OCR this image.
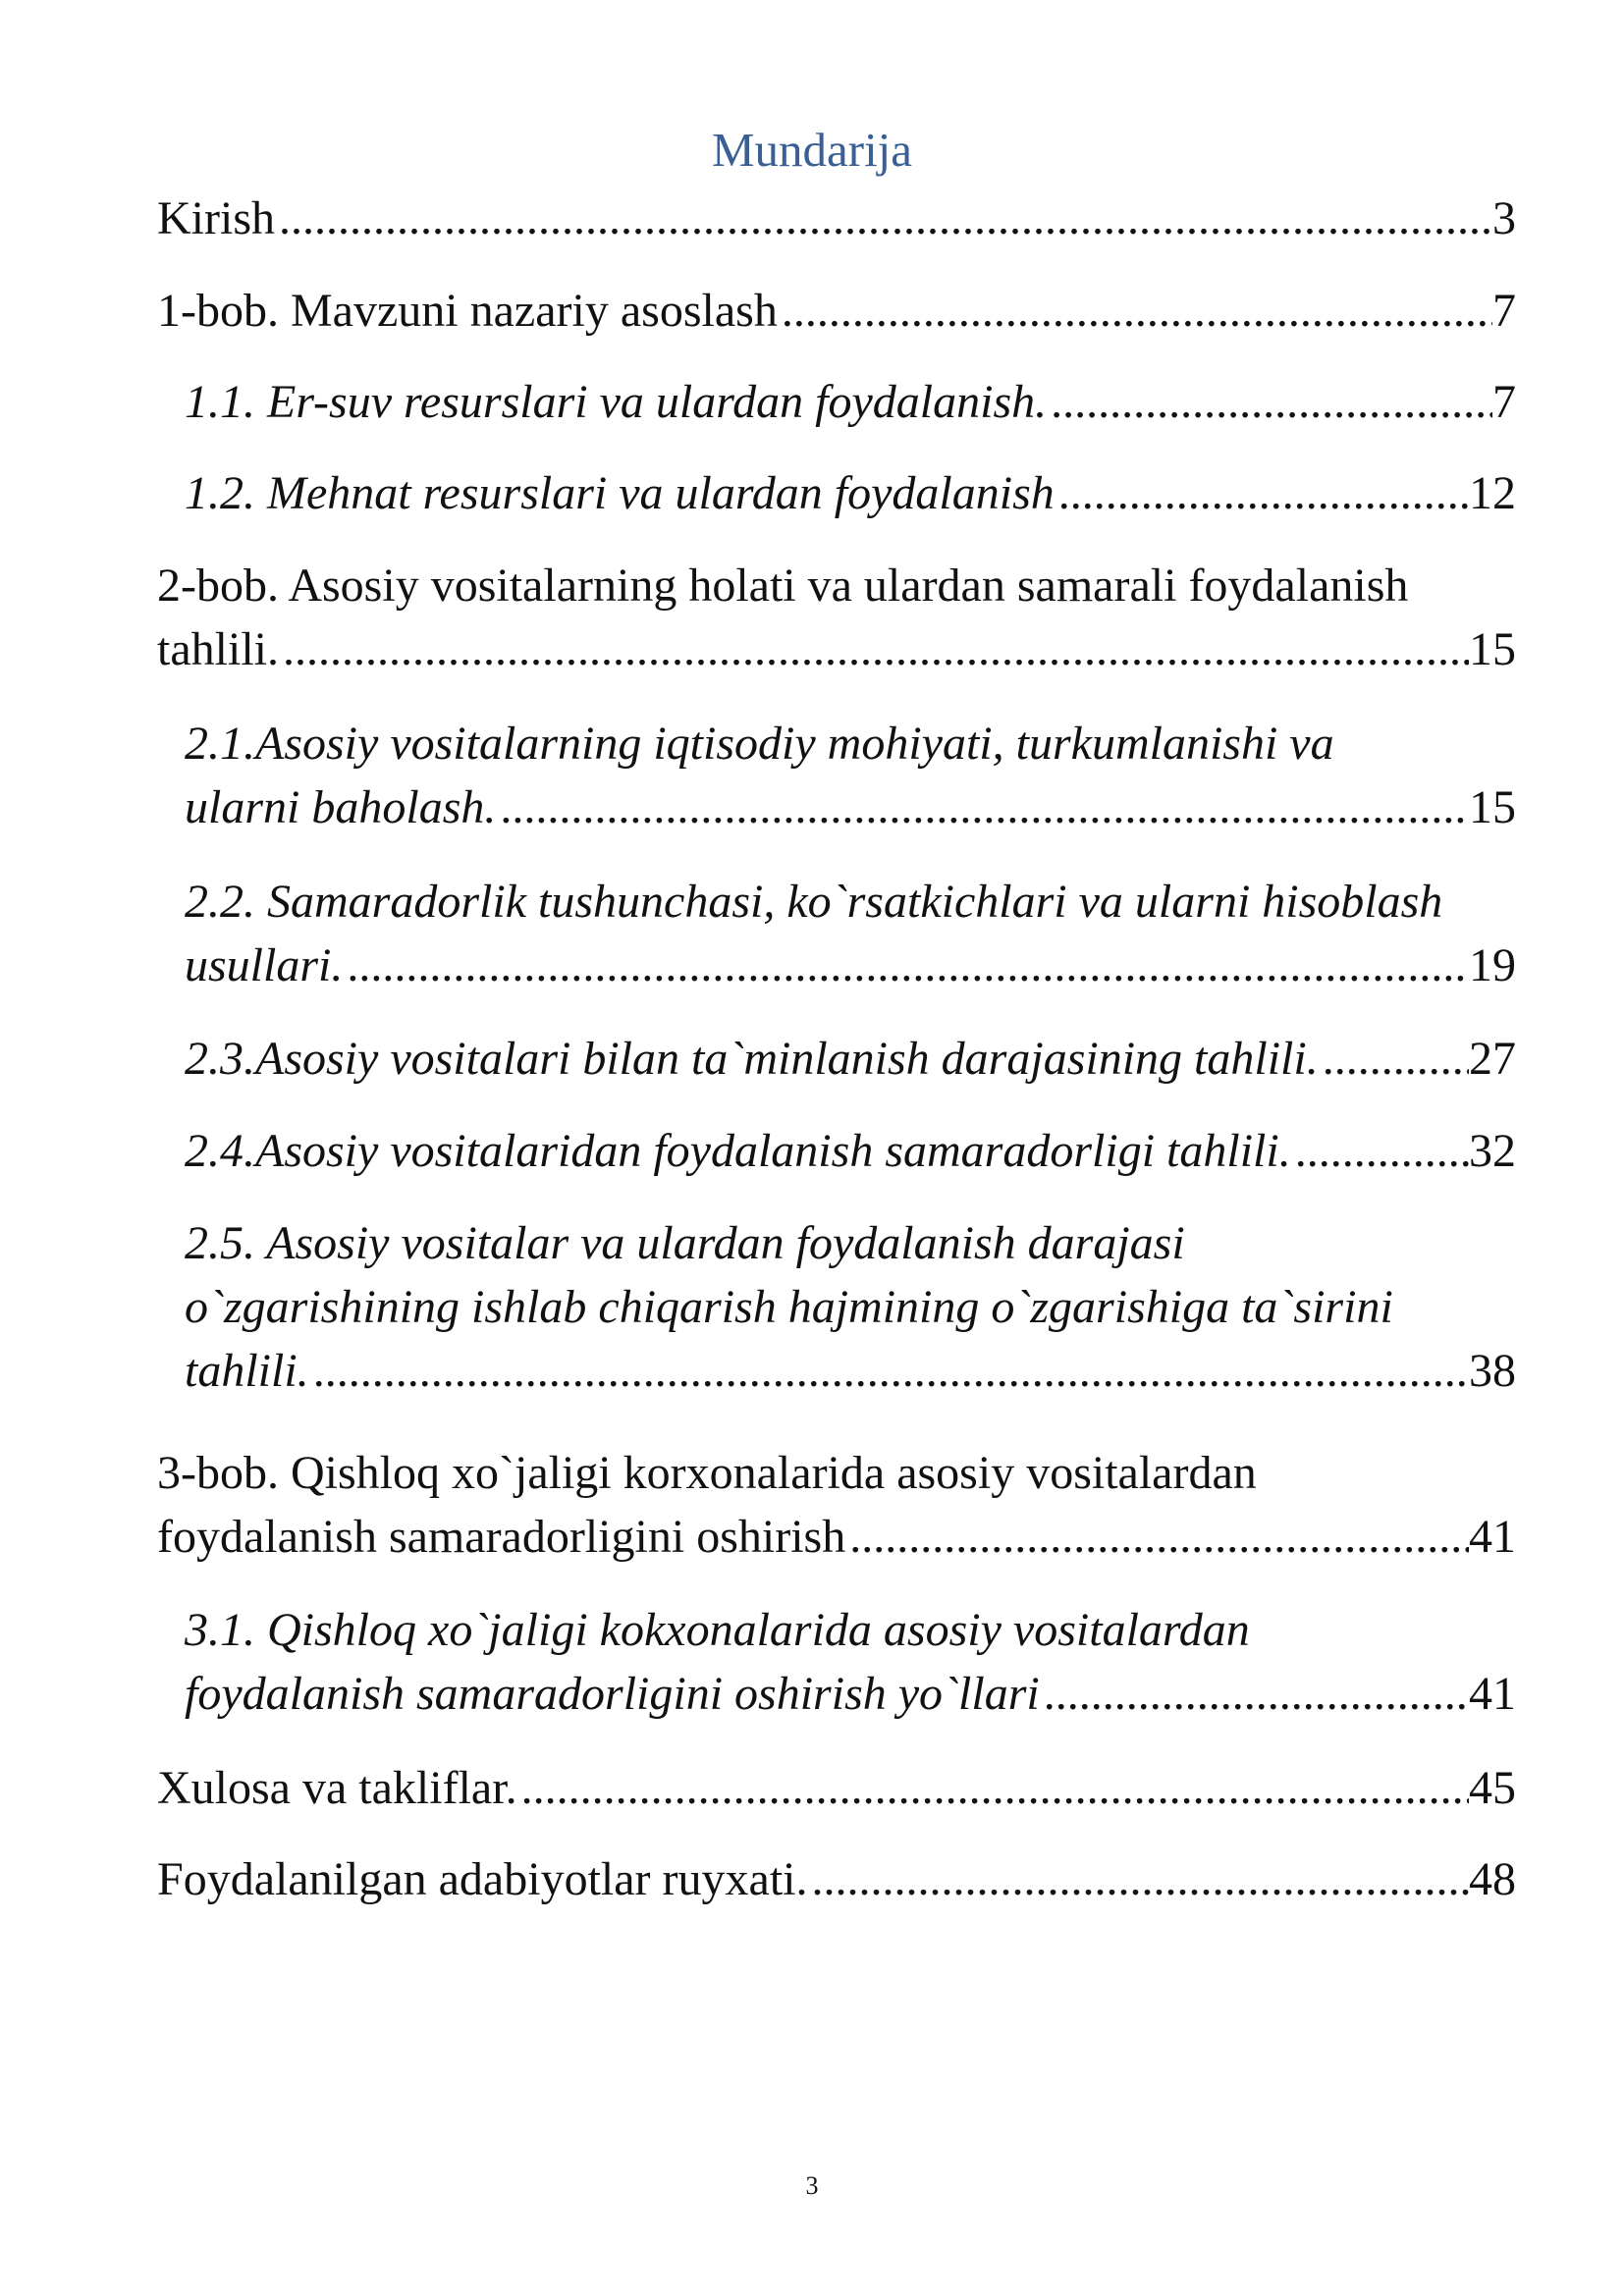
Mundarija
Kirish .....	3
1-bob. Mavzuni nazariy asoslash .....	7
1.1. Er-suv resurslari va ulardan foydalanish. .....	7
1.2. Mehnat resurslari va ulardan foydalanish .....	12
2-bob. Asosiy vositalarning holati va ulardan samarali foydalanish
tahlili. .....	15
2.1.Asosiy vositalarning iqtisodiy mohiyati, turkumlanishi va
ularni baholash. .....	15
2.2. Samaradorlik tushunchasi, ko`rsatkichlari va ularni hisoblash
usullari. .....	19
2.3.Asosiy vositalari bilan ta`minlanish darajasining tahlili. .....	27
2.4.Asosiy vositalaridan foydalanish samaradorligi tahlili. .....	32
2.5. Asosiy vositalar va ulardan foydalanish darajasi
o`zgarishining ishlab chiqarish hajmining o`zgarishiga ta`sirini
tahlili. .....	38
3-bob. Qishloq xo`jaligi korxonalarida asosiy vositalardan
foydalanish samaradorligini oshirish .....	41
3.1. Qishloq xo`jaligi kokxonalarida asosiy vositalardan
foydalanish samaradorligini oshirish yo`llari .....	41
Xulosa va takliflar. .....	45
Foydalanilgan adabiyotlar ruyxati. .....	48
3
